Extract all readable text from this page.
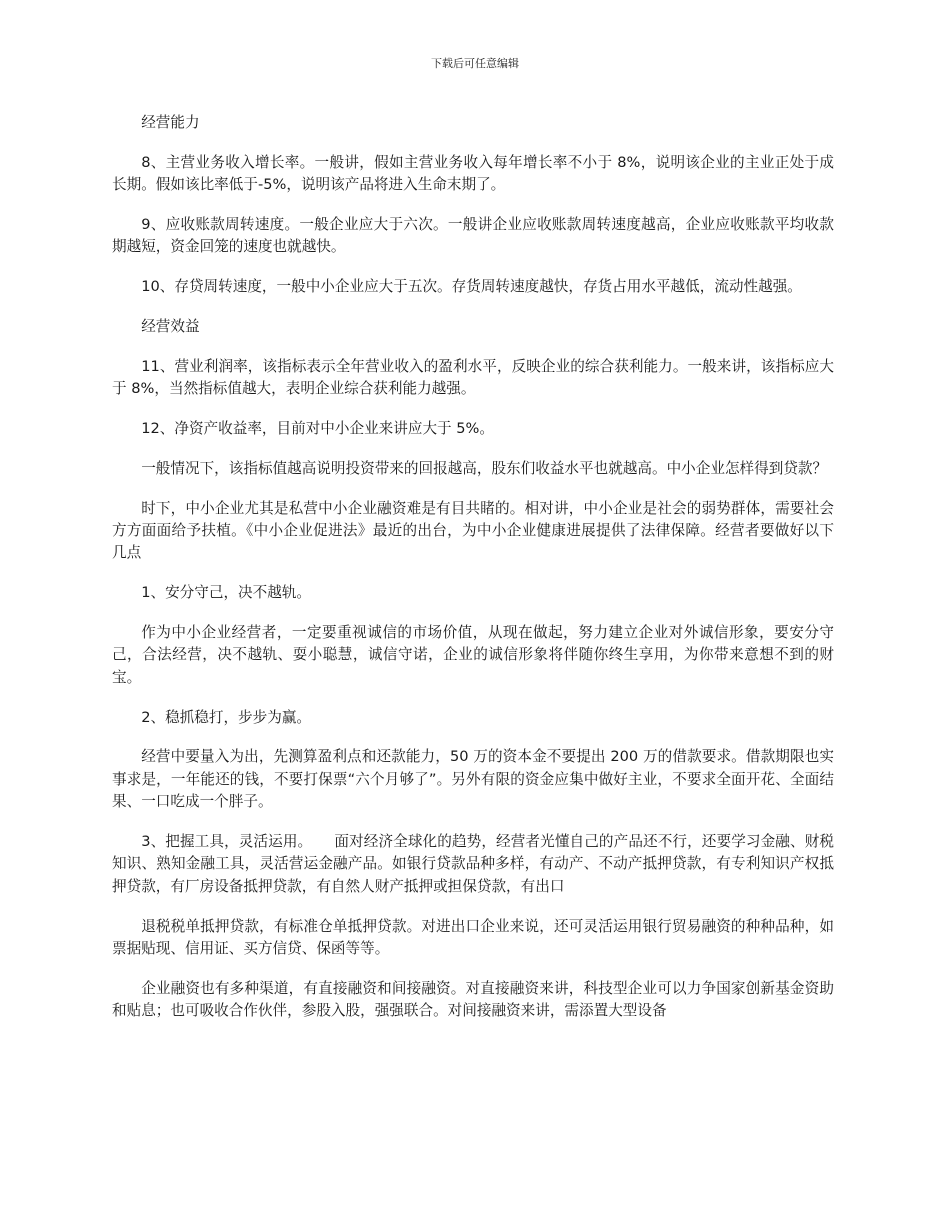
下载后可任意编辑

经营能力

8、主营业务收入增长率。一般讲，假如主营业务收入每年增长率不小于 8%，说明该企业的主业正处于成长期。假如该比率低于-5%，说明该产品将进入生命末期了。

9、应收账款周转速度。一般企业应大于六次。一般讲企业应收账款周转速度越高，企业应收账款平均收款期越短，资金回笼的速度也就越快。

10、存贷周转速度，一般中小企业应大于五次。存货周转速度越快，存货占用水平越低，流动性越强。

经营效益

11、营业利润率，该指标表示全年营业收入的盈利水平，反映企业的综合获利能力。一般来讲，该指标应大于 8%，当然指标值越大，表明企业综合获利能力越强。

12、净资产收益率，目前对中小企业来讲应大于 5%。

一般情况下，该指标值越高说明投资带来的回报越高，股东们收益水平也就越高。中小企业怎样得到贷款？

时下，中小企业尤其是私营中小企业融资难是有目共睹的。相对讲，中小企业是社会的弱势群体，需要社会方方面面给予扶植。《中小企业促进法》最近的出台，为中小企业健康进展提供了法律保障。经营者要做好以下几点

1、安分守己，决不越轨。

作为中小企业经营者，一定要重视诚信的市场价值，从现在做起，努力建立企业对外诚信形象，要安分守己，合法经营，决不越轨、耍小聪慧，诚信守诺，企业的诚信形象将伴随你终生享用，为你带来意想不到的财宝。

2、稳抓稳打，步步为赢。

经营中要量入为出，先测算盈利点和还款能力，50 万的资本金不要提出 200 万的借款要求。借款期限也实事求是，一年能还的钱，不要打保票“六个月够了”。另外有限的资金应集中做好主业，不要求全面开花、全面结果、一口吃成一个胖子。

3、把握工具，灵活运用。　　面对经济全球化的趋势，经营者光懂自己的产品还不行，还要学习金融、财税知识、熟知金融工具，灵活营运金融产品。如银行贷款品种多样，有动产、不动产抵押贷款，有专利知识产权抵押贷款，有厂房设备抵押贷款，有自然人财产抵押或担保贷款，有出口

退税税单抵押贷款，有标准仓单抵押贷款。对进出口企业来说，还可灵活运用银行贸易融资的种种品种，如票据贴现、信用证、买方信贷、保函等等。

企业融资也有多种渠道，有直接融资和间接融资。对直接融资来讲，科技型企业可以力争国家创新基金资助和贴息；也可吸收合作伙伴，参股入股，强强联合。对间接融资来讲，需添置大型设备
